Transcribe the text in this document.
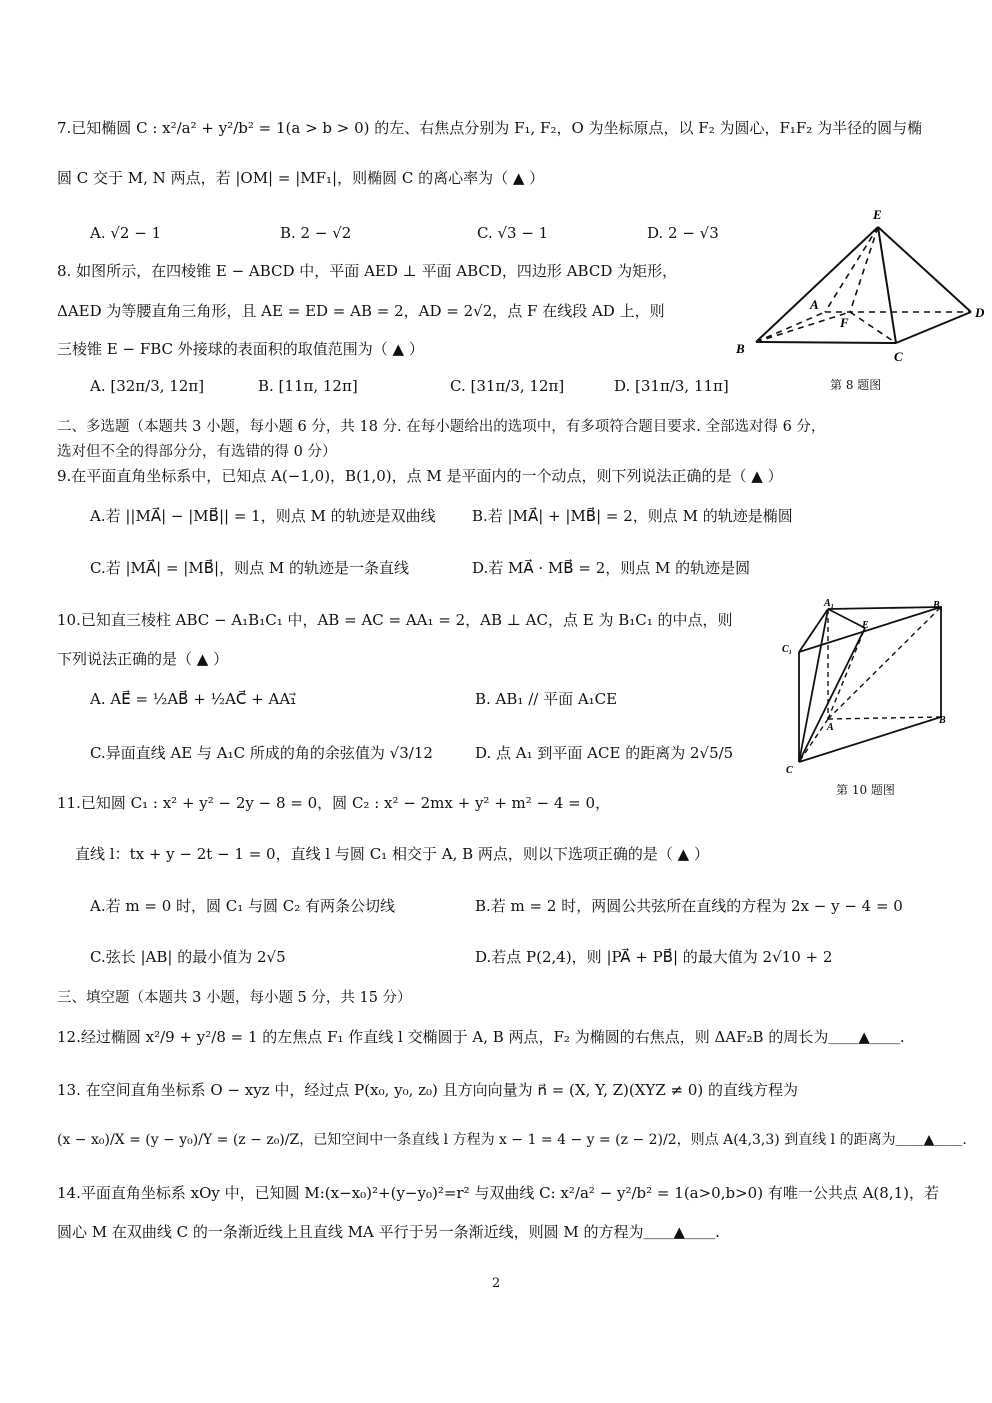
7.已知椭圆 C : x²/a² + y²/b² = 1(a > b > 0) 的左、右焦点分别为 F₁, F₂，O 为坐标原点，以 F₂ 为圆心，F₁F₂ 为半径的圆与椭
圆 C 交于 M, N 两点，若 |OM| = |MF₁|，则椭圆 C 的离心率为（ ▲ ）
A. √2 − 1	B. 2 − √2	C. √3 − 1	D. 2 − √3
8. 如图所示，在四棱锥 E − ABCD 中，平面 AED ⊥ 平面 ABCD，四边形 ABCD 为矩形，
ΔAED 为等腰直角三角形，且 AE = ED = AB = 2，AD = 2√2，点 F 在线段 AD 上，则
三棱锥 E − FBC 外接球的表面积的取值范围为（ ▲ ）
A. [32π/3, 12π]	B. [11π, 12π]	C. [31π/3, 12π]	D. [31π/3, 11π]
E
A
F
D
B
C
第 8 题图
二、多选题（本题共 3 小题，每小题 6 分，共 18 分. 在每小题给出的选项中，有多项符合题目要求. 全部选对得 6 分，
选对但不全的得部分分，有选错的得 0 分）
9.在平面直角坐标系中，已知点 A(−1,0)，B(1,0)，点 M 是平面内的一个动点，则下列说法正确的是（ ▲ ）
A.若 ||MA⃗| − |MB⃗|| = 1，则点 M 的轨迹是双曲线 B.若 |MA⃗| + |MB⃗| = 2，则点 M 的轨迹是椭圆
C.若 |MA⃗| = |MB⃗|，则点 M 的轨迹是一条直线	D.若 MA⃗ · MB⃗ = 2，则点 M 的轨迹是圆
10.已知直三棱柱 ABC − A₁B₁C₁ 中，AB = AC = AA₁ = 2，AB ⊥ AC，点 E 为 B₁C₁ 的中点，则
下列说法正确的是（ ▲ ）
A. AE⃗ = ½AB⃗ + ½AC⃗ + AA₁⃗	B. AB₁ // 平面 A₁CE
C.异面直线 AE 与 A₁C 所成的角的余弦值为 √3/12	D. 点 A₁ 到平面 ACE 的距离为 2√5/5
A₁	B₁
C₁
E
A
B
C
第 10 题图
11.已知圆 C₁ : x² + y² − 2y − 8 = 0，圆 C₂ : x² − 2mx + y² + m² − 4 = 0，
直线 l：tx + y − 2t − 1 = 0，直线 l 与圆 C₁ 相交于 A, B 两点，则以下选项正确的是（ ▲ ）
A.若 m = 0 时，圆 C₁ 与圆 C₂ 有两条公切线	B.若 m = 2 时，两圆公共弦所在直线的方程为 2x − y − 4 = 0
C.弦长 |AB| 的最小值为 2√5	D.若点 P(2,4)，则 |PA⃗ + PB⃗| 的最大值为 2√10 + 2
三、填空题（本题共 3 小题，每小题 5 分，共 15 分）
12.经过椭圆 x²/9 + y²/8 = 1 的左焦点 F₁ 作直线 l 交椭圆于 A, B 两点，F₂ 为椭圆的右焦点，则 ΔAF₂B 的周长为＿＿▲＿＿.
13. 在空间直角坐标系 O − xyz 中，经过点 P(x₀, y₀, z₀) 且方向向量为 n⃗ = (X, Y, Z)(XYZ ≠ 0) 的直线方程为
(x − x₀)/X = (y − y₀)/Y = (z − z₀)/Z，已知空间中一条直线 l 方程为 x − 1 = 4 − y = (z − 2)/2，则点 A(4,3,3) 到直线 l 的距离为＿＿▲＿＿.
14.平面直角坐标系 xOy 中，已知圆 M:(x−x₀)²+(y−y₀)²=r² 与双曲线 C: x²/a² − y²/b² = 1(a>0,b>0) 有唯一公共点 A(8,1)，若
圆心 M 在双曲线 C 的一条渐近线上且直线 MA 平行于另一条渐近线，则圆 M 的方程为＿＿▲＿＿.
2
